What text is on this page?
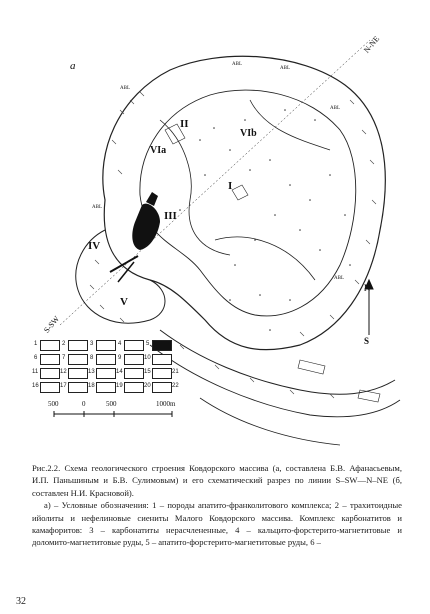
a
N-NE
S-SW
N
S
I
II
III
IV
V
VIa
VIb
ABL
ABL
ABL
ABL
ABL
ABL
1	2	3	4	5
6	7	8	9	10
11	12	13	14	15
16	17	18	19	20
21
22
500	0	500	1000m

Рис.2.2. Схема геологического строения Ковдорского массива (а, составлена Б.В. Афанасьевым, И.П. Паньшиным и Б.В. Сулимовым) и его схематический разрез по линии S–SW—N–NE (б, составлен Н.И. Красновой).

а) – Условные обозначения: 1 – породы апатито-франколитового комплекса; 2 – трахитоидные ийолиты и нефелиновые сиениты Малого Ковдорского массива. Комплекс карбонатитов и камафоритов: 3 – карбонатиты нерасчлененные, 4 – кальцито-форстерито-магнетитовые и доломито-магнетитовые руды, 5 – апатито-форстерито-магнетитовые руды, 6 –

32
